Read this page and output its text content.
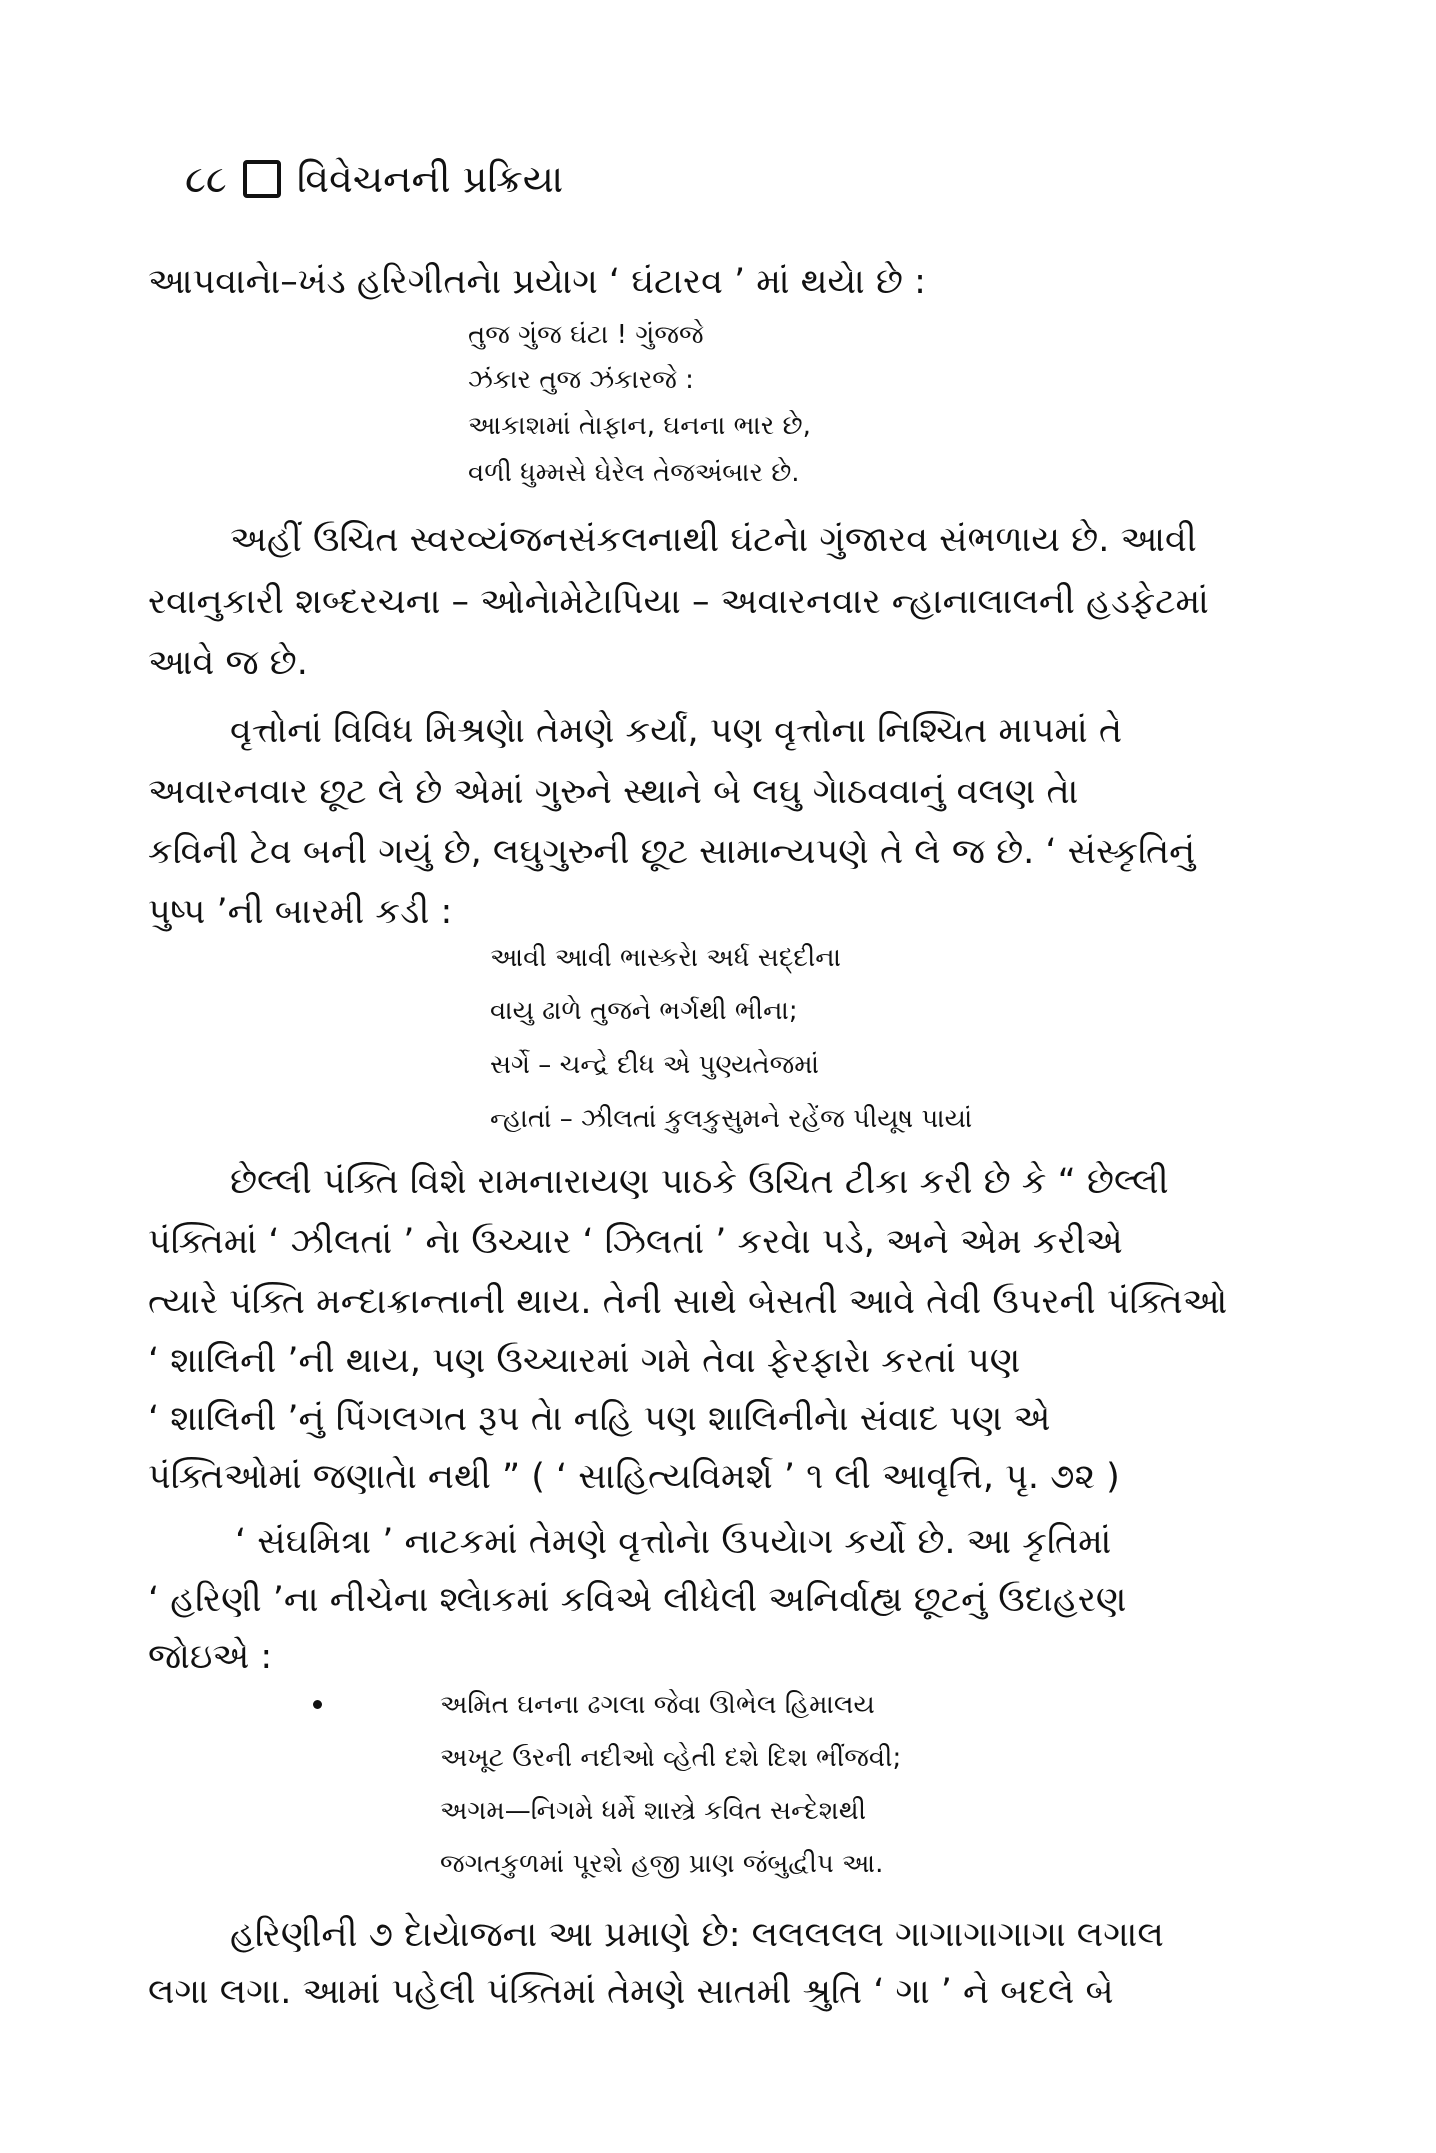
૮૮ વિવેચનની પ્રક્રિયા
આપવાનેા–ખંડ હરિગીતનેા પ્રયેાગ ‘ ઘંટારવ ’ માં થયેા છે :
તુજ ગુંજ ઘંટા ! ગુંજજે
ઝંકાર તુજ ઝંકારજે :
આકાશમાં તાેફાન, ઘનના ભાર છે,
વળી ધુમ્મસે ઘેરેલ તેજઅંબાર છે.
અહીં ઉચિત સ્વરવ્યંજનસંકલનાથી ઘંટનેા ગુંજારવ સંભળાય છે. આવી
રવાનુકારી શબ્દરચના – ઓનેામેટાેપિયા – અવારનવાર ન્હાનાલાલની હડફેટમાં
આવે જ છે.
વૃત્તોનાં વિવિધ મિશ્રણેા તેમણે કર્યાં, પણ વૃત્તોના નિશ્ચિત માપમાં તે
અવારનવાર છૂટ લે છે એમાં ગુરુને સ્થાને બે લઘુ ગાેઠવવાનું વલણ તેા
કવિની ટેવ બની ગયું છે, લઘુગુરુની છૂટ સામાન્યપણે તે લે જ છે. ‘ સંસ્કૃતિનું
પુષ્પ ’ની બારમી કડી :
આવી આવી ભાસ્કરેા અર્ધ સદ્દીના
વાયુ ઢાળે તુજને ભર્ગથી ભીના;
સર્ગે – ચન્દ્રે દીધ એ પુણ્યતેજમાં
ન્હાતાં – ઝીલતાં કુલકુસુમને રહેંજ પીયૂષ પાયાં
છેલ્લી પંક્તિ વિશે રામનારાયણ પાઠકે ઉચિત ટીકા કરી છે કે “ છેલ્લી
પંક્તિમાં ‘ ઝીલતાં ’ નેા ઉચ્ચાર ‘ ઝિલતાં ’ કરવેા પડે, અને એમ કરીએ
ત્યારે પંક્તિ મન્દાક્રાન્તાની થાય. તેની સાથે બેસતી આવે તેવી ઉપરની પંક્તિઓ
‘ શાલિની ’ની થાય, પણ ઉચ્ચારમાં ગમે તેવા ફેરફારેા કરતાં પણ
‘ શાલિની ’નું પિંગલગત રૂપ તેા નહિ પણ શાલિનીનેા સંવાદ પણ એ
પંક્તિઓમાં જણાતેા નથી ” ( ‘ સાહિત્યવિમર્શ ’ ૧ લી આવૃત્તિ, પૃ. ૭૨ )
‘ સંઘમિત્રા ’ નાટકમાં તેમણે વૃત્તોનેા ઉપયેાગ કર્યો છે. આ કૃતિમાં
‘ હરિણી ’ના નીચેના શ્લેાકમાં કવિએ લીધેલી અનિર્વાહ્ય છૂટનું ઉદાહરણ
જોઇએ :
અમિત ઘનના ઢગલા જેવા ઊભેલ હિમાલય
અખૂટ ઉરની નદીઓ વ્હેતી દશે દિશ ભીંજવી;
અગમ—નિગમે ધર્મે શાસ્ત્રે કવિત સન્દેશથી
જગતકુળમાં પૂરશે હજી પ્રાણ જંબુદ્વીપ આ.
હરિણીની ૭ દેાયેાજના આ પ્રમાણે છે: લલલલલ ગાગાગાગાગા લગાલ
લગા લગા. આમાં પહેલી પંક્તિમાં તેમણે સાતમી શ્રુતિ ‘ ગા ’ ને બદલે બે
